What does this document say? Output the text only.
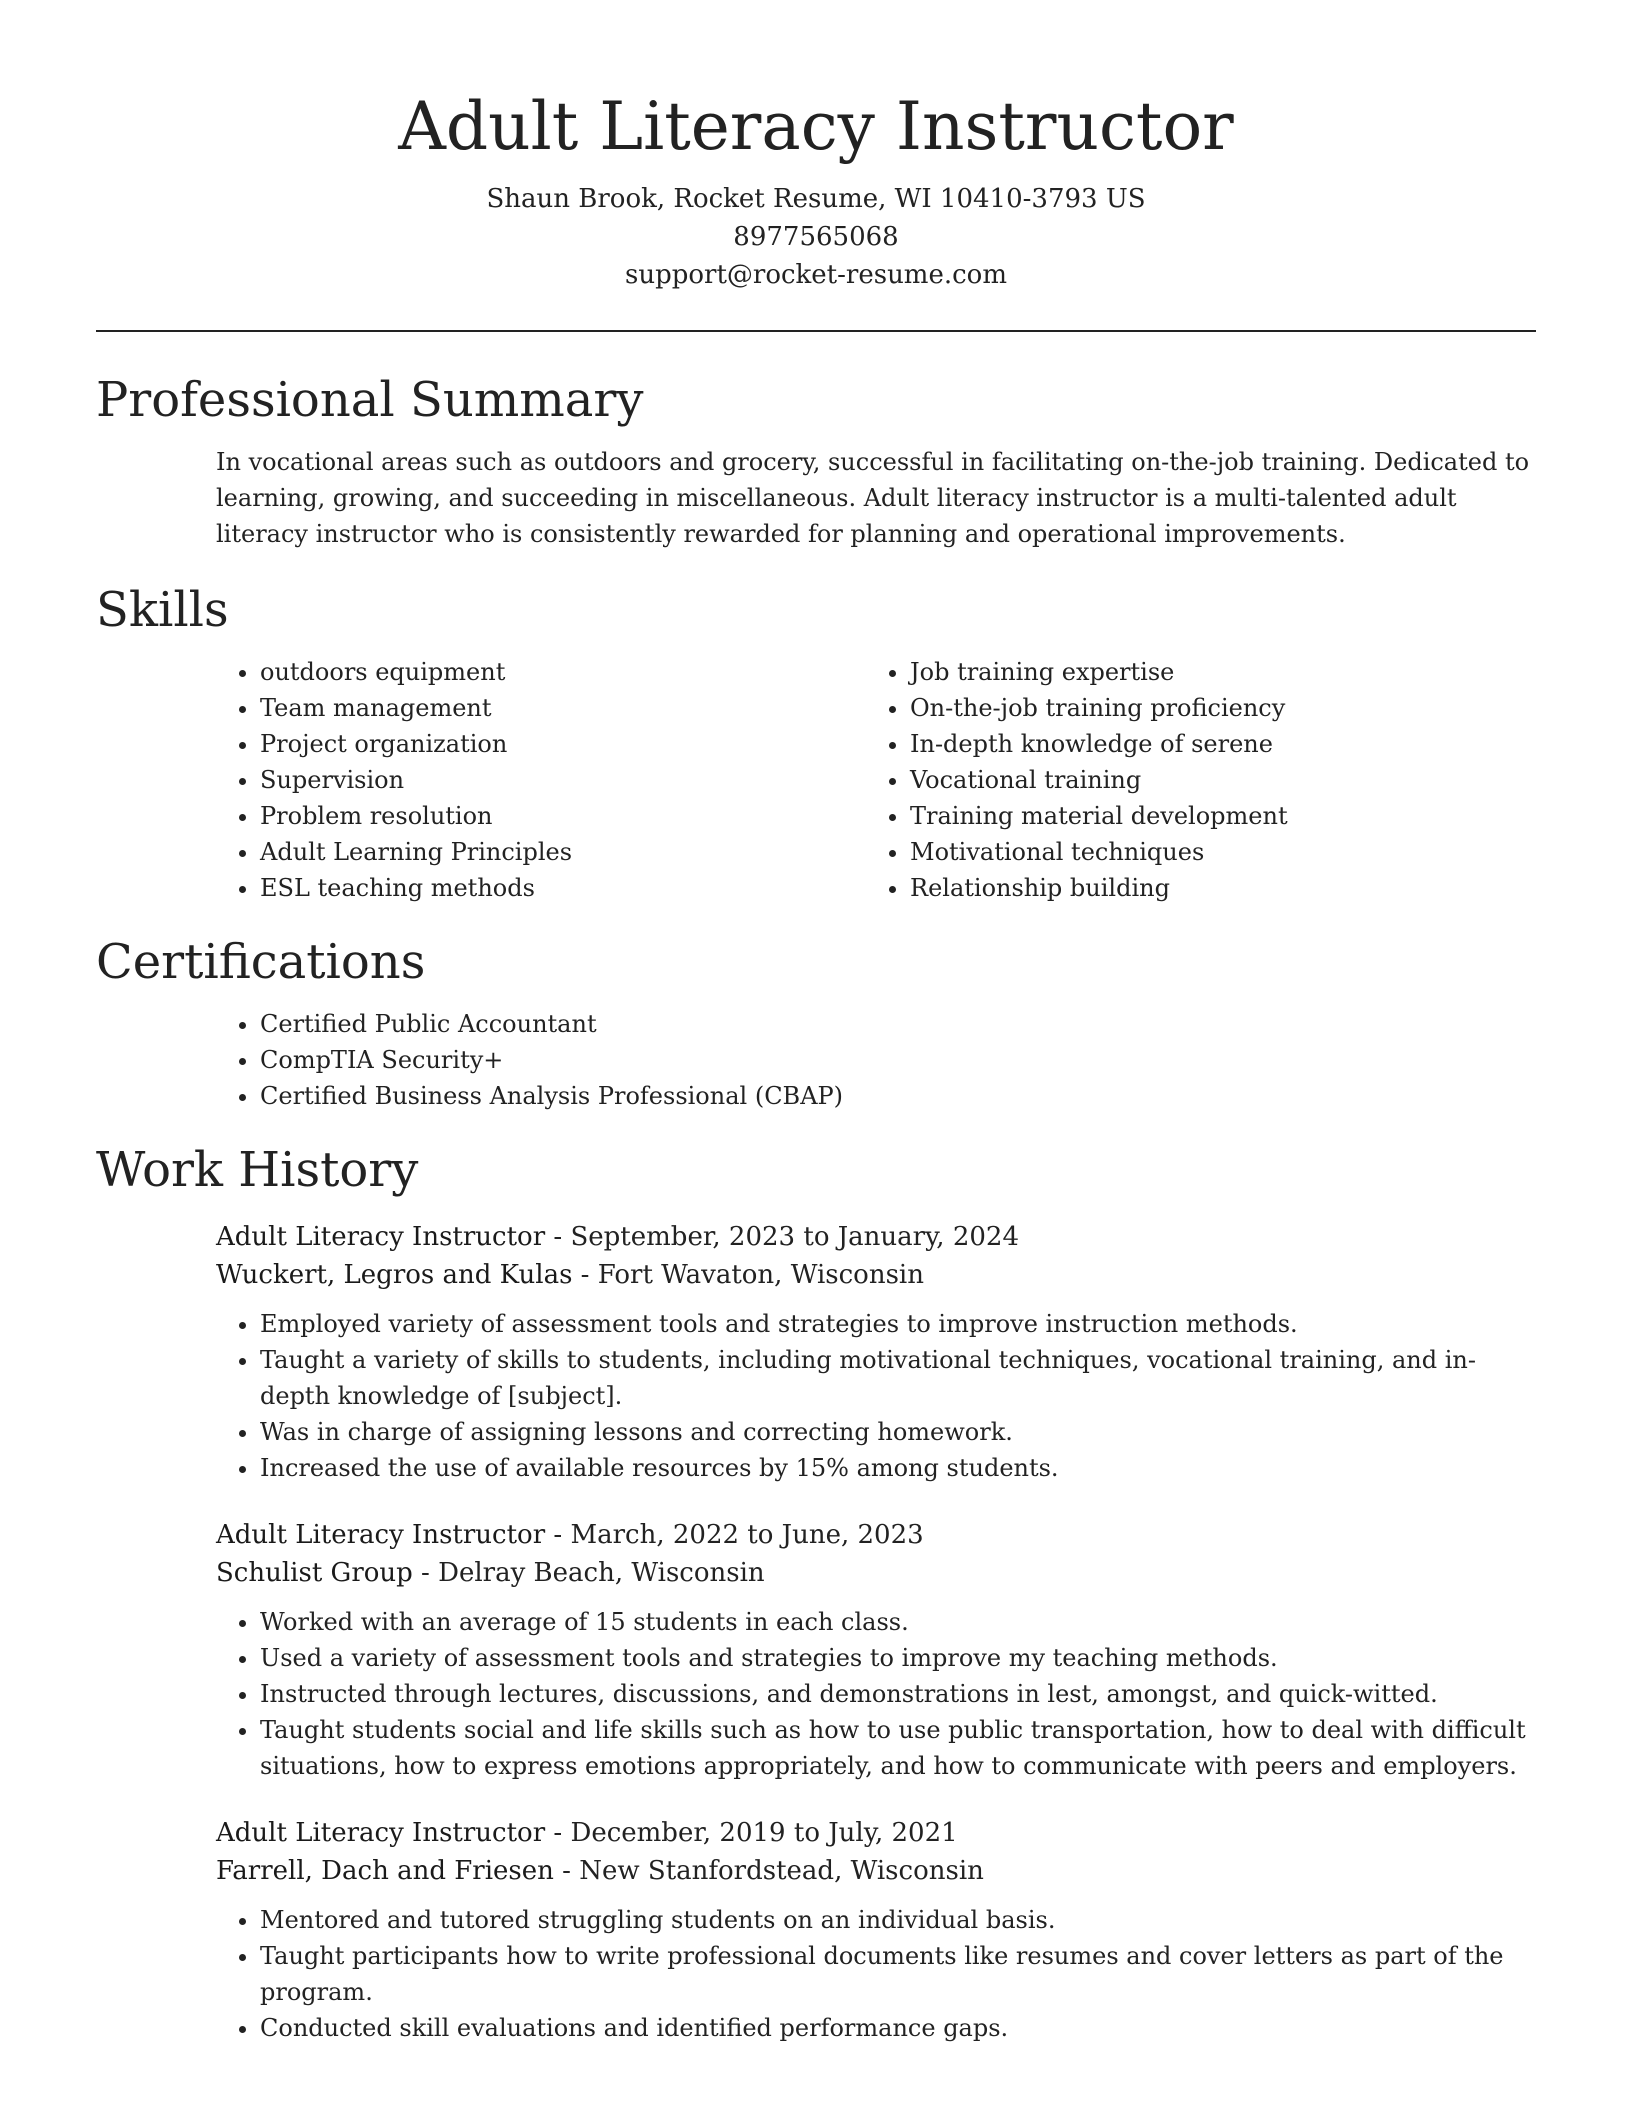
Adult Literacy Instructor

Shaun Brook, Rocket Resume, WI 10410-3793 US

8977565068

support@rocket-resume.com

Professional Summary

In vocational areas such as outdoors and grocery, successful in facilitating on-the-job training. Dedicated to learning, growing, and succeeding in miscellaneous. Adult literacy instructor is a multi-talented adult literacy instructor who is consistently rewarded for planning and operational improvements.

Skills
• outdoors equipment
• Team management
• Project organization
• Supervision
• Problem resolution
• Adult Learning Principles
• ESL teaching methods
• Job training expertise
• On-the-job training proficiency
• In-depth knowledge of serene
• Vocational training
• Training material development
• Motivational techniques
• Relationship building
Certifications
• Certified Public Accountant
• CompTIA Security+
• Certified Business Analysis Professional (CBAP)
Work History

Adult Literacy Instructor - September, 2023 to January, 2024

Wuckert, Legros and Kulas - Fort Wavaton, Wisconsin

• Employed variety of assessment tools and strategies to improve instruction methods.
• Taught a variety of skills to students, including motivational techniques, vocational training, and in-depth knowledge of [subject].
• Was in charge of assigning lessons and correcting homework.
• Increased the use of available resources by 15% among students.

Adult Literacy Instructor - March, 2022 to June, 2023

Schulist Group - Delray Beach, Wisconsin

• Worked with an average of 15 students in each class.
• Used a variety of assessment tools and strategies to improve my teaching methods.
• Instructed through lectures, discussions, and demonstrations in lest, amongst, and quick-witted.
• Taught students social and life skills such as how to use public transportation, how to deal with difficult situations, how to express emotions appropriately, and how to communicate with peers and employers.

Adult Literacy Instructor - December, 2019 to July, 2021

Farrell, Dach and Friesen - New Stanfordstead, Wisconsin

• Mentored and tutored struggling students on an individual basis.
• Taught participants how to write professional documents like resumes and cover letters as part of the program.
• Conducted skill evaluations and identified performance gaps.
